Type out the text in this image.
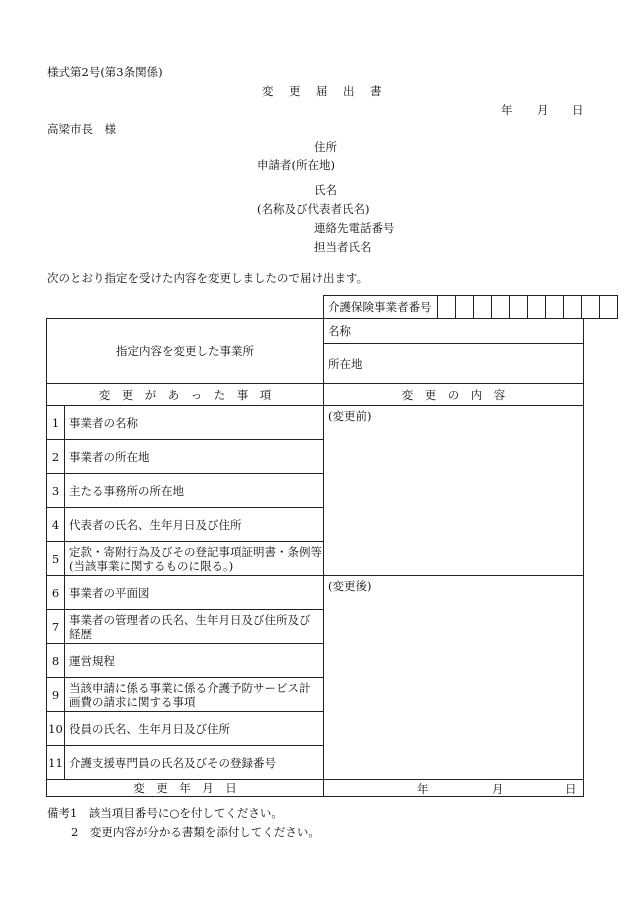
様式第2号(第3条関係)
変　更　届　出　書
年 月 日
高梁市長　様
住所
申請者(所在地)
氏名
(名称及び代表者氏名)
連絡先電話番号
担当者氏名
次のとおり指定を受けた内容を変更しましたので届け出ます。
介護保険事業者番号										
指定内容を変更した事業所		名称
		所在地
変　更　が　あ　っ　た　事　項		変　更　の　内　容
1	事業者の名称	(変更前)
2	事業者の所在地	
3	主たる事務所の所在地	
4	代表者の氏名、生年月日及び住所	
5	定款・寄附行為及びその登記事項証明書・条例等
(当該事業に関するものに限る。)	

6	事業者の平面図	(変更後)
7	事業者の管理者の氏名、生年月日及び住所及び
経歴	

8	運営規程	
9	当該申請に係る事業に係る介護予防サービス計
画費の請求に関する事項	

10	役員の氏名、生年月日及び住所	
11	介護支援専門員の氏名及びその登録番号	
変　更　年　月　日		年 月 日
備考1　該当項目番号に○を付してください。
2　変更内容が分かる書類を添付してください。
